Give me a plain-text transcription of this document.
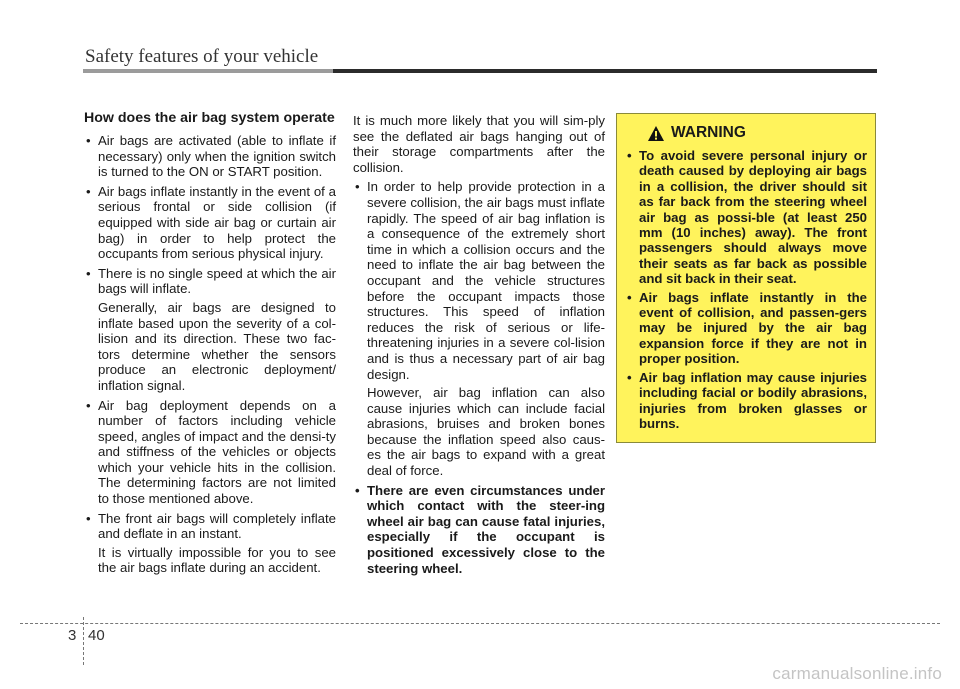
Safety features of your vehicle
How does the air bag system operate
• Air bags are activated (able to inflate if necessary) only when the ignition switch is turned to the ON or START position.
• Air bags inflate instantly in the event of a serious frontal or side collision (if equipped with side air bag or curtain air bag) in order to help protect the occupants from serious physical injury.
• There is no single speed at which the air bags will inflate.

Generally, air bags are designed to inflate based upon the severity of a col-lision and its direction. These two fac-tors determine whether the sensors produce an electronic deployment/ inflation signal.

• Air bag deployment depends on a number of factors including vehicle speed, angles of impact and the densi-ty and stiffness of the vehicles or objects which your vehicle hits in the collision. The determining factors are not limited to those mentioned above.
• The front air bags will completely inflate and deflate in an instant.

It is virtually impossible for you to see the air bags inflate during an accident.

It is much more likely that you will sim-ply see the deflated air bags hanging out of their storage compartments after the collision.

• In order to help provide protection in a severe collision, the air bags must inflate rapidly. The speed of air bag inflation is a consequence of the extremely short time in which a collision occurs and the need to inflate the air bag between the occupant and the vehicle structures before the occupant impacts those structures. This speed of inflation reduces the risk of serious or life-threatening injuries in a severe col-lision and is thus a necessary part of air bag design.

However, air bag inflation can also cause injuries which can include facial abrasions, bruises and broken bones because the inflation speed also caus-es the air bags to expand with a great deal of force.

• There are even circumstances under which contact with the steer-ing wheel air bag can cause fatal injuries, especially if the occupant is positioned excessively close to the steering wheel.
WARNING
• To avoid severe personal injury or death caused by deploying air bags in a collision, the driver should sit as far back from the steering wheel air bag as possi-ble (at least 250 mm (10 inches) away). The front passengers should always move their seats as far back as possible and sit back in their seat.
• Air bags inflate instantly in the event of collision, and passen-gers may be injured by the air bag expansion force if they are not in proper position.
• Air bag inflation may cause injuries including facial or bodily abrasions, injuries from broken glasses or burns.
3 40
carmanualsonline.info
